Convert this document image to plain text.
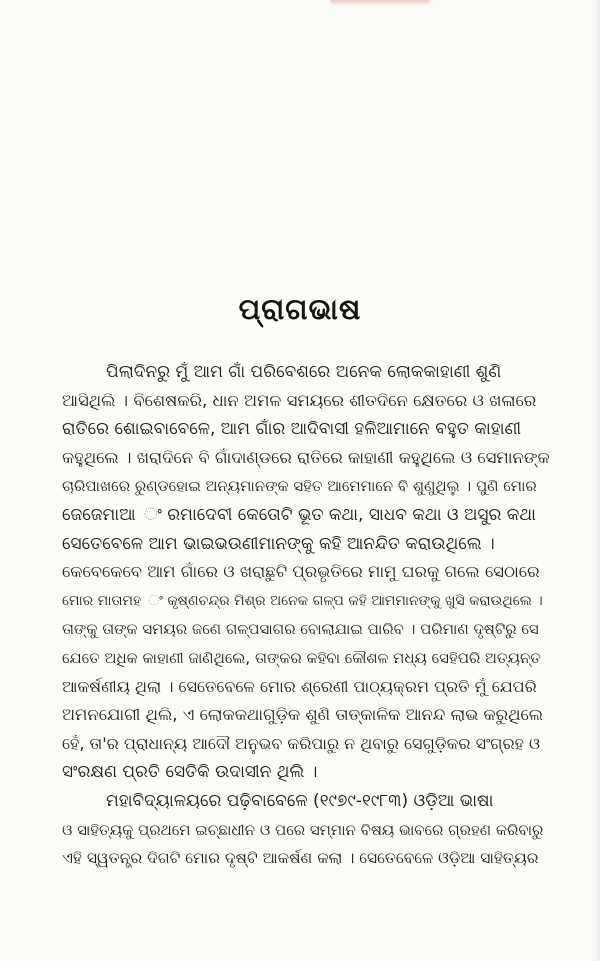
ପ୍ରାଗଭାଷ
ପିଲାଦିନରୁ ମୁଁ ଆମ ଗାଁ ପରିବେଶରେ ଅନେକ ଲୋକକାହାଣୀ ଶୁଣି
ଆସିଥିଲି । ବିଶେଷକରି, ଧାନ ଅମଳ ସମୟରେ ଶୀତଦିନେ କ୍ଷେତରେ ଓ ଖଳାରେ
ରାତିରେ ଶୋଇବାବେଳେ, ଆମ ଗାଁର ଆଦିବାସୀ ହଳିଆମାନେ ବହୁତ କାହାଣୀ
କହୁଥିଲେ । ଖରାଦିନେ ବି ଗାଁଦାଣ୍ଡରେ ରାତିରେ କାହାଣୀ କହୁଥିଲେ ଓ ସେମାନଙ୍କ
ଚାରିପାଖରେ ରୁଣ୍ଡହୋଇ ଅନ୍ୟମାନଙ୍କ ସହିତ ଆମେମାନେ ବି ଶୁଣୁଥିଲୁ । ପୁଣି ମୋର
ଜେଜେମାଆ ଂ ରମାଦେବୀ କେତୋଟି ଭୂତ କଥା, ସାଧବ କଥା ଓ ଅସୁର କଥା
ସେତେବେଳେ ଆମ ଭାଇଭଉଣୀମାନଙ୍କୁ କହି ଆନନ୍ଦିତ କରାଉଥିଲେ ।
କେବେକେବେ ଆମ ଗାଁରେ ଓ ଖରାଛୁଟି ପ୍ରଭୃତିରେ ମାମୁ ଘରକୁ ଗଲେ ସେଠାରେ
ମୋର ମାତାମହ ଂ କୃଷ୍ଣଚନ୍ଦ୍ର ମିଶ୍ର ଅନେକ ଗଳ୍ପ କହି ଆମମାନଙ୍କୁ ଖୁସି କରାଉଥିଲେ ।
ତାଙ୍କୁ ତାଙ୍କ ସମୟର ଜଣେ ଗଳ୍ପସାଗର ବୋଲାଯାଇ ପାରିବ । ପରିମାଣ ଦୃଷ୍ଟିରୁ ସେ
ଯେତେ ଅଧିକ କାହାଣୀ ଜାଣିଥିଲେ, ତାଙ୍କର କହିବା କୌଶଳ ମଧ୍ୟ ସେହିପରି ଅତ୍ୟନ୍ତ
ଆକର୍ଷଣୀୟ ଥିଲା । ସେତେବେଳେ ମୋର ଶ୍ରେଣୀ ପାଠ୍ୟକ୍ରମ ପ୍ରତି ମୁଁ ଯେପରି
ଅମନଯୋଗୀ ଥିଲି, ଏ ଲୋକକଥାଗୁଡ଼ିକ ଶୁଣି ତାତ୍କାଳିକ ଆନନ୍ଦ ଲାଭ କରୁଥିଲେ
ହେଁ, ତା'ର ପ୍ରାଧାନ୍ୟ ଆଦୌ ଅନୁଭବ କରିପାରୁ ନ ଥିବାରୁ ସେଗୁଡ଼ିକର ସଂଗ୍ରହ ଓ
ସଂରକ୍ଷଣ ପ୍ରତି ସେତିକି ଉଦାସୀନ ଥିଲି ।
ମହାବିଦ୍ୟାଳୟରେ ପଢ଼ିବାବେଳେ (୧୯୭୯-୧୯୮୩) ଓଡ଼ିଆ ଭାଷା
ଓ ସାହିତ୍ୟକୁ ପ୍ରଥମେ ଇଚ୍ଛାଧୀନ ଓ ପରେ ସମ୍ମାନ ବିଷୟ ଭାବରେ ଗ୍ରହଣ କରିବାରୁ
ଏହି ସ୍ୱତନ୍ତ୍ର ଦିଗଟି ମୋର ଦୃଷ୍ଟି ଆକର୍ଷଣ କଲା । ସେତେବେଳେ ଓଡ଼ିଆ ସାହିତ୍ୟର
